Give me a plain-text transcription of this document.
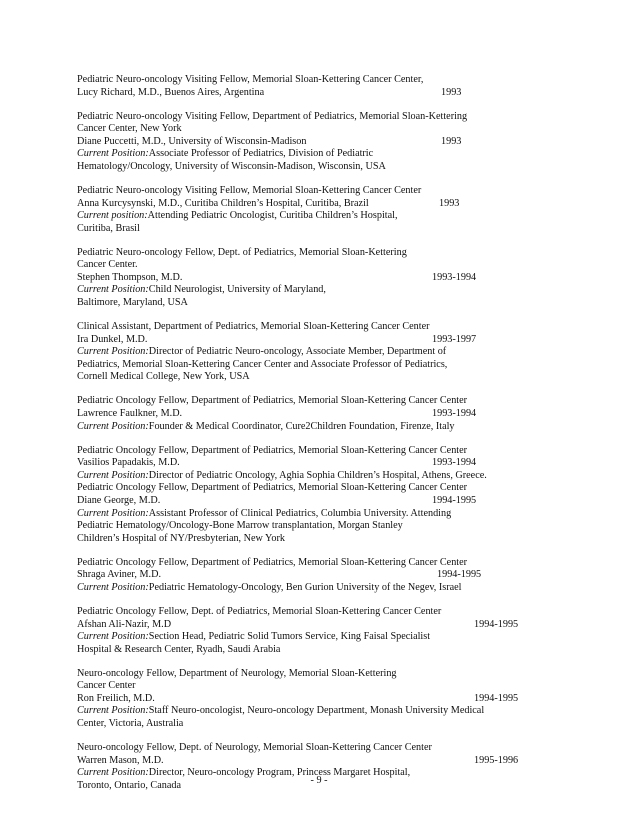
Pediatric Neuro-oncology Visiting Fellow, Memorial Sloan-Kettering Cancer Center,
Lucy Richard, M.D., Buenos Aires, Argentina	1993
Pediatric Neuro-oncology Visiting Fellow, Department of Pediatrics, Memorial Sloan-Kettering
Cancer Center, New York
Diane Puccetti, M.D., University of Wisconsin-Madison	1993
Current Position:Associate Professor of Pediatrics, Division of Pediatric
Hematology/Oncology, University of Wisconsin-Madison, Wisconsin, USA
Pediatric Neuro-oncology Visiting Fellow, Memorial Sloan-Kettering Cancer Center
Anna Kurcysynski, M.D., Curitiba Children’s Hospital, Curitiba, Brazil	1993
Current position:Attending Pediatric Oncologist, Curitiba Children’s Hospital,
Curitiba, Brasil
Pediatric Neuro-oncology Fellow, Dept. of Pediatrics, Memorial Sloan-Kettering
Cancer Center.
Stephen Thompson, M.D.	1993-1994
Current Position:Child Neurologist, University of Maryland,
Baltimore, Maryland, USA
Clinical Assistant, Department of Pediatrics, Memorial Sloan-Kettering Cancer Center
Ira Dunkel, M.D.	1993-1997
Current Position:Director of Pediatric Neuro-oncology, Associate Member, Department of
Pediatrics, Memorial Sloan-Kettering Cancer Center and Associate Professor of Pediatrics,
Cornell Medical College, New York, USA
Pediatric Oncology Fellow, Department of Pediatrics, Memorial Sloan-Kettering Cancer Center
Lawrence Faulkner, M.D.	1993-1994
Current Position:Founder & Medical Coordinator, Cure2Children Foundation, Firenze, Italy
Pediatric Oncology Fellow, Department of Pediatrics, Memorial Sloan-Kettering Cancer Center
Vasilios Papadakis, M.D.	1993-1994
Current Position:Director of Pediatric Oncology, Aghia Sophia Children’s Hospital, Athens, Greece.
Pediatric Oncology Fellow, Department of Pediatrics, Memorial Sloan-Kettering Cancer Center
Diane George, M.D.	1994-1995
Current Position:Assistant Professor of Clinical Pediatrics, Columbia University. Attending
Pediatric Hematology/Oncology-Bone Marrow transplantation, Morgan Stanley
Children’s Hospital of NY/Presbyterian, New York
Pediatric Oncology Fellow, Department of Pediatrics, Memorial Sloan-Kettering Cancer Center
Shraga Aviner, M.D.	1994-1995
Current Position:Pediatric Hematology-Oncology, Ben Gurion University of the Negev, Israel
Pediatric Oncology Fellow, Dept. of Pediatrics, Memorial Sloan-Kettering Cancer Center
Afshan Ali-Nazir, M.D	1994-1995
Current Position:Section Head, Pediatric Solid Tumors Service, King Faisal Specialist
Hospital & Research Center, Ryadh, Saudi Arabia
Neuro-oncology Fellow, Department of Neurology, Memorial Sloan-Kettering
Cancer Center
Ron Freilich, M.D.	1994-1995
Current Position:Staff Neuro-oncologist, Neuro-oncology Department, Monash University Medical
Center, Victoria, Australia
Neuro-oncology Fellow, Dept. of Neurology, Memorial Sloan-Kettering Cancer Center
Warren Mason, M.D.	1995-1996
Current Position:Director, Neuro-oncology Program, Princess Margaret Hospital,
Toronto, Ontario, Canada	- 9 -
